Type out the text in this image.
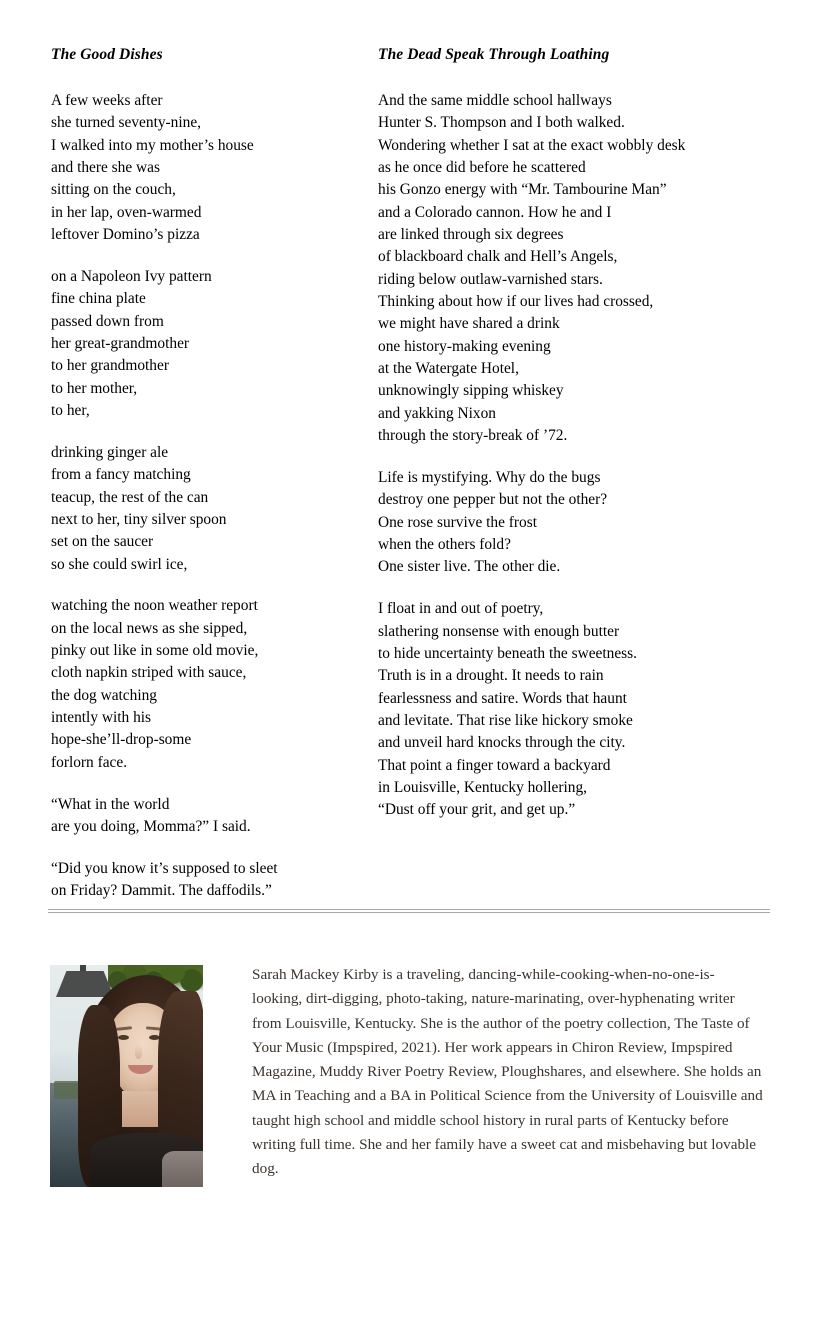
The Good Dishes
A few weeks after
she turned seventy-nine,
I walked into my mother’s house
and there she was
sitting on the couch,
in her lap, oven-warmed
leftover Domino’s pizza
on a Napoleon Ivy pattern
fine china plate
passed down from
her great-grandmother
to her grandmother
to her mother,
to her,
drinking ginger ale
from a fancy matching
teacup, the rest of the can
next to her, tiny silver spoon
set on the saucer
so she could swirl ice,
watching the noon weather report
on the local news as she sipped,
pinky out like in some old movie,
cloth napkin striped with sauce,
the dog watching
intently with his
hope-she’ll-drop-some
forlorn face.
“What in the world
are you doing, Momma?” I said.
“Did you know it’s supposed to sleet
on Friday? Dammit. The daffodils.”
The Dead Speak Through Loathing
And the same middle school hallways
Hunter S. Thompson and I both walked.
Wondering whether I sat at the exact wobbly desk
as he once did before he scattered
his Gonzo energy with “Mr. Tambourine Man”
and a Colorado cannon. How he and I
are linked through six degrees
of blackboard chalk and Hell’s Angels,
riding below outlaw-varnished stars.
Thinking about how if our lives had crossed,
we might have shared a drink
one history-making evening
at the Watergate Hotel,
unknowingly sipping whiskey
and yakking Nixon
through the story-break of ’72.
Life is mystifying. Why do the bugs
destroy one pepper but not the other?
One rose survive the frost
when the others fold?
One sister live. The other die.
I float in and out of poetry,
slathering nonsense with enough butter
to hide uncertainty beneath the sweetness.
Truth is in a drought. It needs to rain
fearlessness and satire. Words that haunt
and levitate. That rise like hickory smoke
and unveil hard knocks through the city.
That point a finger toward a backyard
in Louisville, Kentucky hollering,
“Dust off your grit, and get up.”

Sarah Mackey Kirby is a traveling, dancing-while-cooking-when-no-one-is-looking, dirt-digging, photo-taking, nature-marinating, over-hyphenating writer from Louisville, Kentucky. She is the author of the poetry collection, The Taste of Your Music (Impspired, 2021). Her work appears in Chiron Review, Impspired Magazine, Muddy River Poetry Review, Ploughshares, and elsewhere. She holds an MA in Teaching and a BA in Political Science from the University of Louisville and taught high school and middle school history in rural parts of Kentucky before writing full time. She and her family have a sweet cat and misbehaving but lovable dog.
